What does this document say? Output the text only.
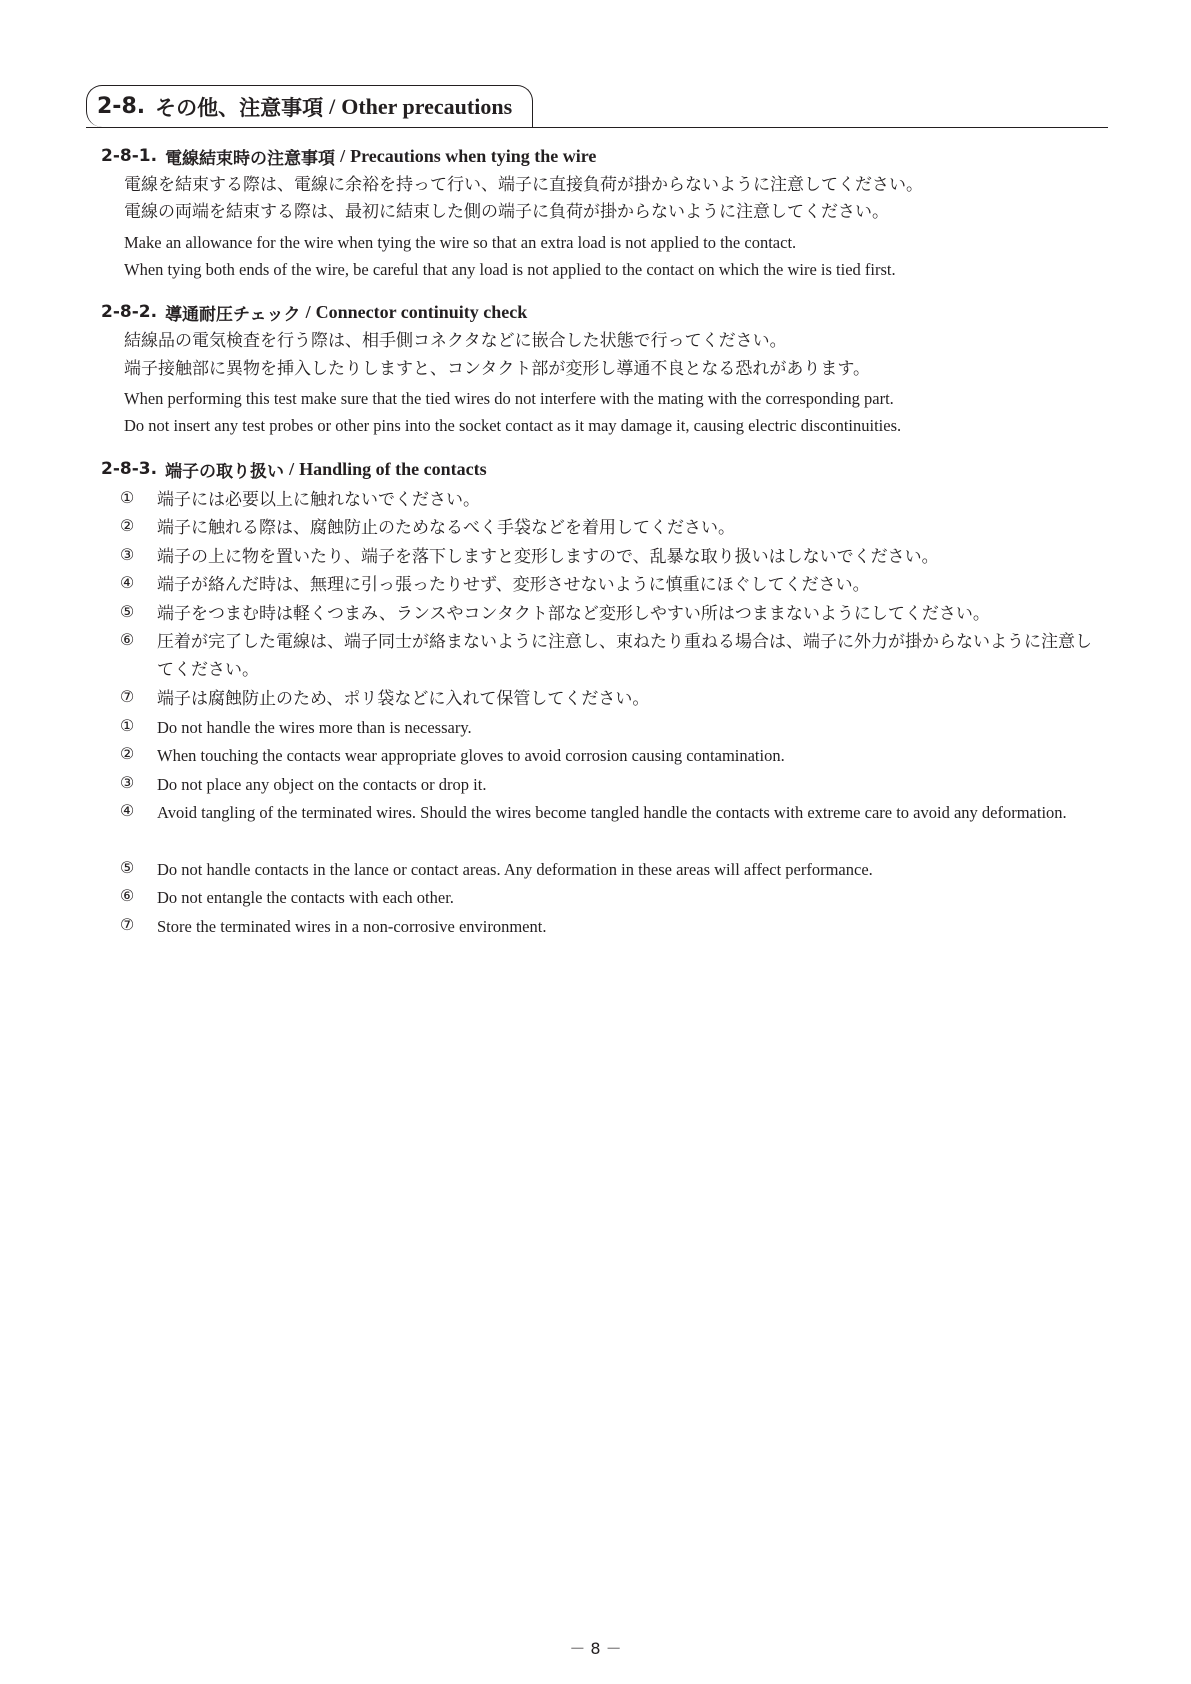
2-8. その他、注意事項 / Other precautions
2-8-1. 電線結束時の注意事項 / Precautions when tying the wire
電線を結束する際は、電線に余裕を持って行い、端子に直接負荷が掛からないように注意してください。
電線の両端を結束する際は、最初に結束した側の端子に負荷が掛からないように注意してください。
Make an allowance for the wire when tying the wire so that an extra load is not applied to the contact.
When tying both ends of the wire, be careful that any load is not applied to the contact on which the wire is tied first.
2-8-2. 導通耐圧チェック / Connector continuity check
結線品の電気検査を行う際は、相手側コネクタなどに嵌合した状態で行ってください。
端子接触部に異物を挿入したりしますと、コンタクト部が変形し導通不良となる恐れがあります。
When performing this test make sure that the tied wires do not interfere with the mating with the corresponding part.
Do not insert any test probes or other pins into the socket contact as it may damage it, causing electric discontinuities.
2-8-3. 端子の取り扱い / Handling of the contacts
① 端子には必要以上に触れないでください。
② 端子に触れる際は、腐蝕防止のためなるべく手袋などを着用してください。
③ 端子の上に物を置いたり、端子を落下しますと変形しますので、乱暴な取り扱いはしないでください。
④ 端子が絡んだ時は、無理に引っ張ったりせず、変形させないように慎重にほぐしてください。
⑤ 端子をつまむ時は軽くつまみ、ランスやコンタクト部など変形しやすい所はつままないようにしてください。
⑥ 圧着が完了した電線は、端子同士が絡まないように注意し、束ねたり重ねる場合は、端子に外力が掛からないように注意してください。
⑦ 端子は腐蝕防止のため、ポリ袋などに入れて保管してください。
① Do not handle the wires more than is necessary.
② When touching the contacts wear appropriate gloves to avoid corrosion causing contamination.
③ Do not place any object on the contacts or drop it.
④ Avoid tangling of the terminated wires. Should the wires become tangled handle the contacts with extreme care to avoid any deformation.
⑤ Do not handle contacts in the lance or contact areas. Any deformation in these areas will affect performance.
⑥ Do not entangle the contacts with each other.
⑦ Store the terminated wires in a non-corrosive environment.
－ 8 －
